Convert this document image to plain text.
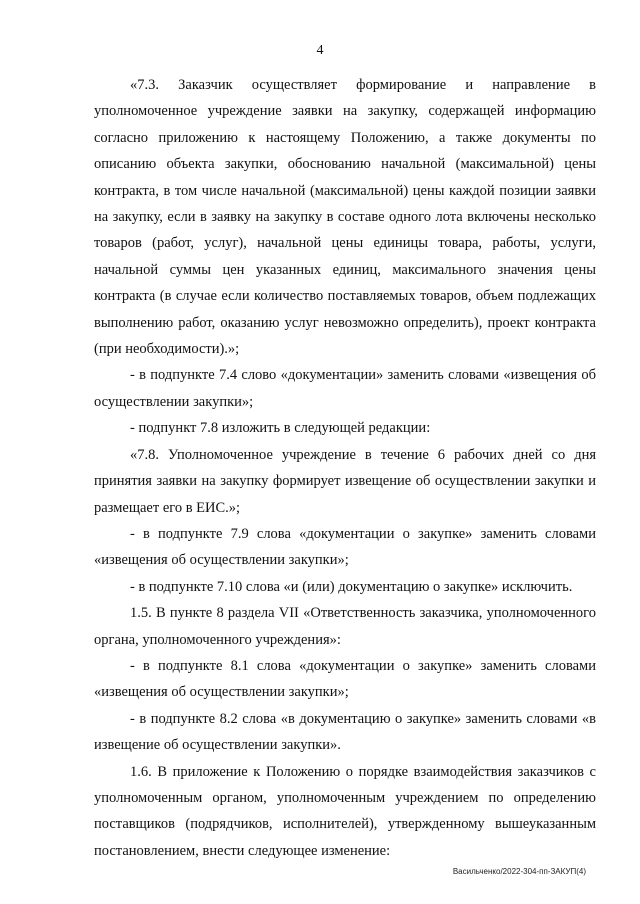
4

«7.3. Заказчик осуществляет формирование и направление в уполномоченное учреждение заявки на закупку, содержащей информацию согласно приложению к настоящему Положению, а также документы по описанию объекта закупки, обоснованию начальной (максимальной) цены контракта, в том числе начальной (максимальной) цены каждой позиции заявки на закупку, если в заявку на закупку в составе одного лота включены несколько товаров (работ, услуг), начальной цены единицы товара, работы, услуги, начальной суммы цен указанных единиц, максимального значения цены контракта (в случае если количество поставляемых товаров, объем подлежащих выполнению работ, оказанию услуг невозможно определить), проект контракта (при необходимости).»;

- в подпункте 7.4 слово «документации» заменить словами «извещения об осуществлении закупки»;

- подпункт 7.8 изложить в следующей редакции:

«7.8. Уполномоченное учреждение в течение 6 рабочих дней со дня принятия заявки на закупку формирует извещение об осуществлении закупки и размещает его в ЕИС.»;

- в подпункте 7.9 слова «документации о закупке» заменить словами «извещения об осуществлении закупки»;

- в подпункте 7.10 слова «и (или) документацию о закупке» исключить.

1.5. В пункте 8 раздела VII «Ответственность заказчика, уполномоченного органа, уполномоченного учреждения»:

- в подпункте 8.1 слова «документации о закупке» заменить словами «извещения об осуществлении закупки»;

- в подпункте 8.2 слова «в документацию о закупке» заменить словами «в извещение об осуществлении закупки».

1.6. В приложение к Положению о порядке взаимодействия заказчиков с уполномоченным органом, уполномоченным учреждением по определению поставщиков (подрядчиков, исполнителей), утвержденному вышеуказанным постановлением, внести следующее изменение:

Васильченко/2022-304-пп-ЗАКУП(4)
